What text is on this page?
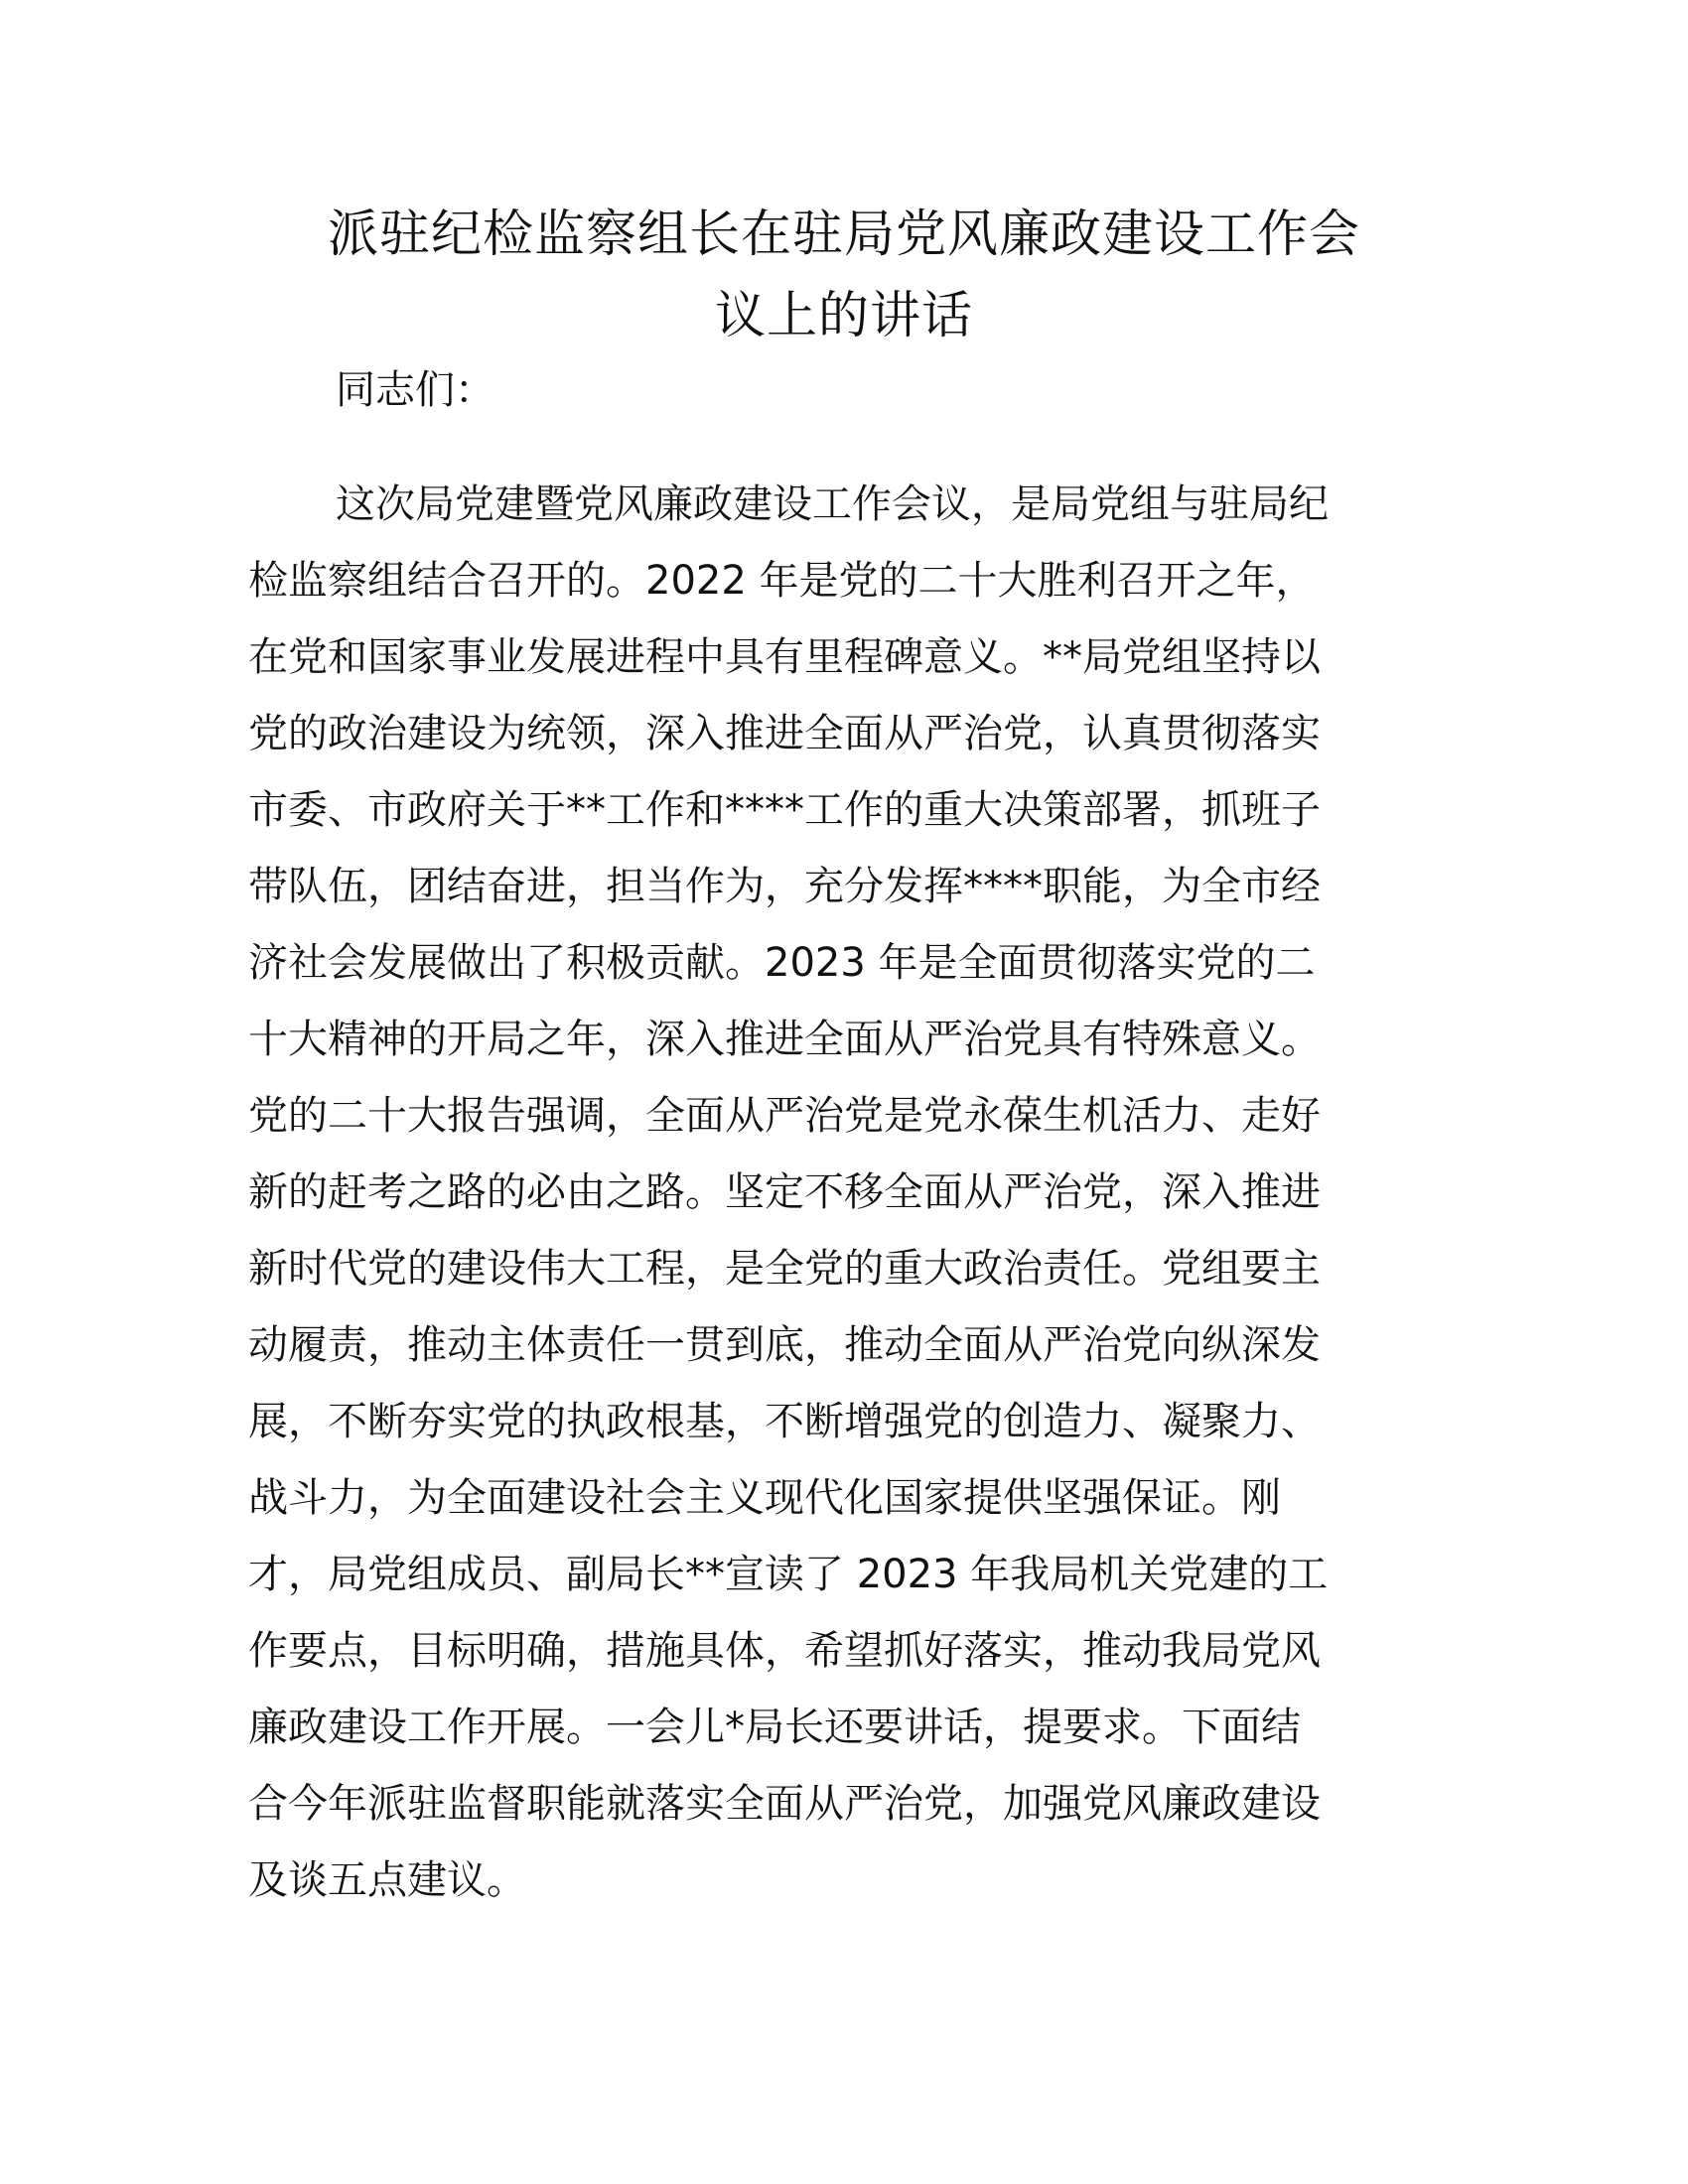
派驻纪检监察组长在驻局党风廉政建设工作会
议上的讲话
同志们：
这次局党建暨党风廉政建设工作会议，是局党组与驻局纪
检监察组结合召开的。2022 年是党的二十大胜利召开之年，
在党和国家事业发展进程中具有里程碑意义。**局党组坚持以
党的政治建设为统领，深入推进全面从严治党，认真贯彻落实
市委、市政府关于**工作和****工作的重大决策部署，抓班子
带队伍，团结奋进，担当作为，充分发挥****职能，为全市经
济社会发展做出了积极贡献。2023 年是全面贯彻落实党的二
十大精神的开局之年，深入推进全面从严治党具有特殊意义。
党的二十大报告强调，全面从严治党是党永葆生机活力、走好
新的赶考之路的必由之路。坚定不移全面从严治党，深入推进
新时代党的建设伟大工程，是全党的重大政治责任。党组要主
动履责，推动主体责任一贯到底，推动全面从严治党向纵深发
展，不断夯实党的执政根基，不断增强党的创造力、凝聚力、
战斗力，为全面建设社会主义现代化国家提供坚强保证。刚
才，局党组成员、副局长**宣读了 2023 年我局机关党建的工
作要点，目标明确，措施具体，希望抓好落实，推动我局党风
廉政建设工作开展。一会儿*局长还要讲话，提要求。下面结
合今年派驻监督职能就落实全面从严治党，加强党风廉政建设
及谈五点建议。
